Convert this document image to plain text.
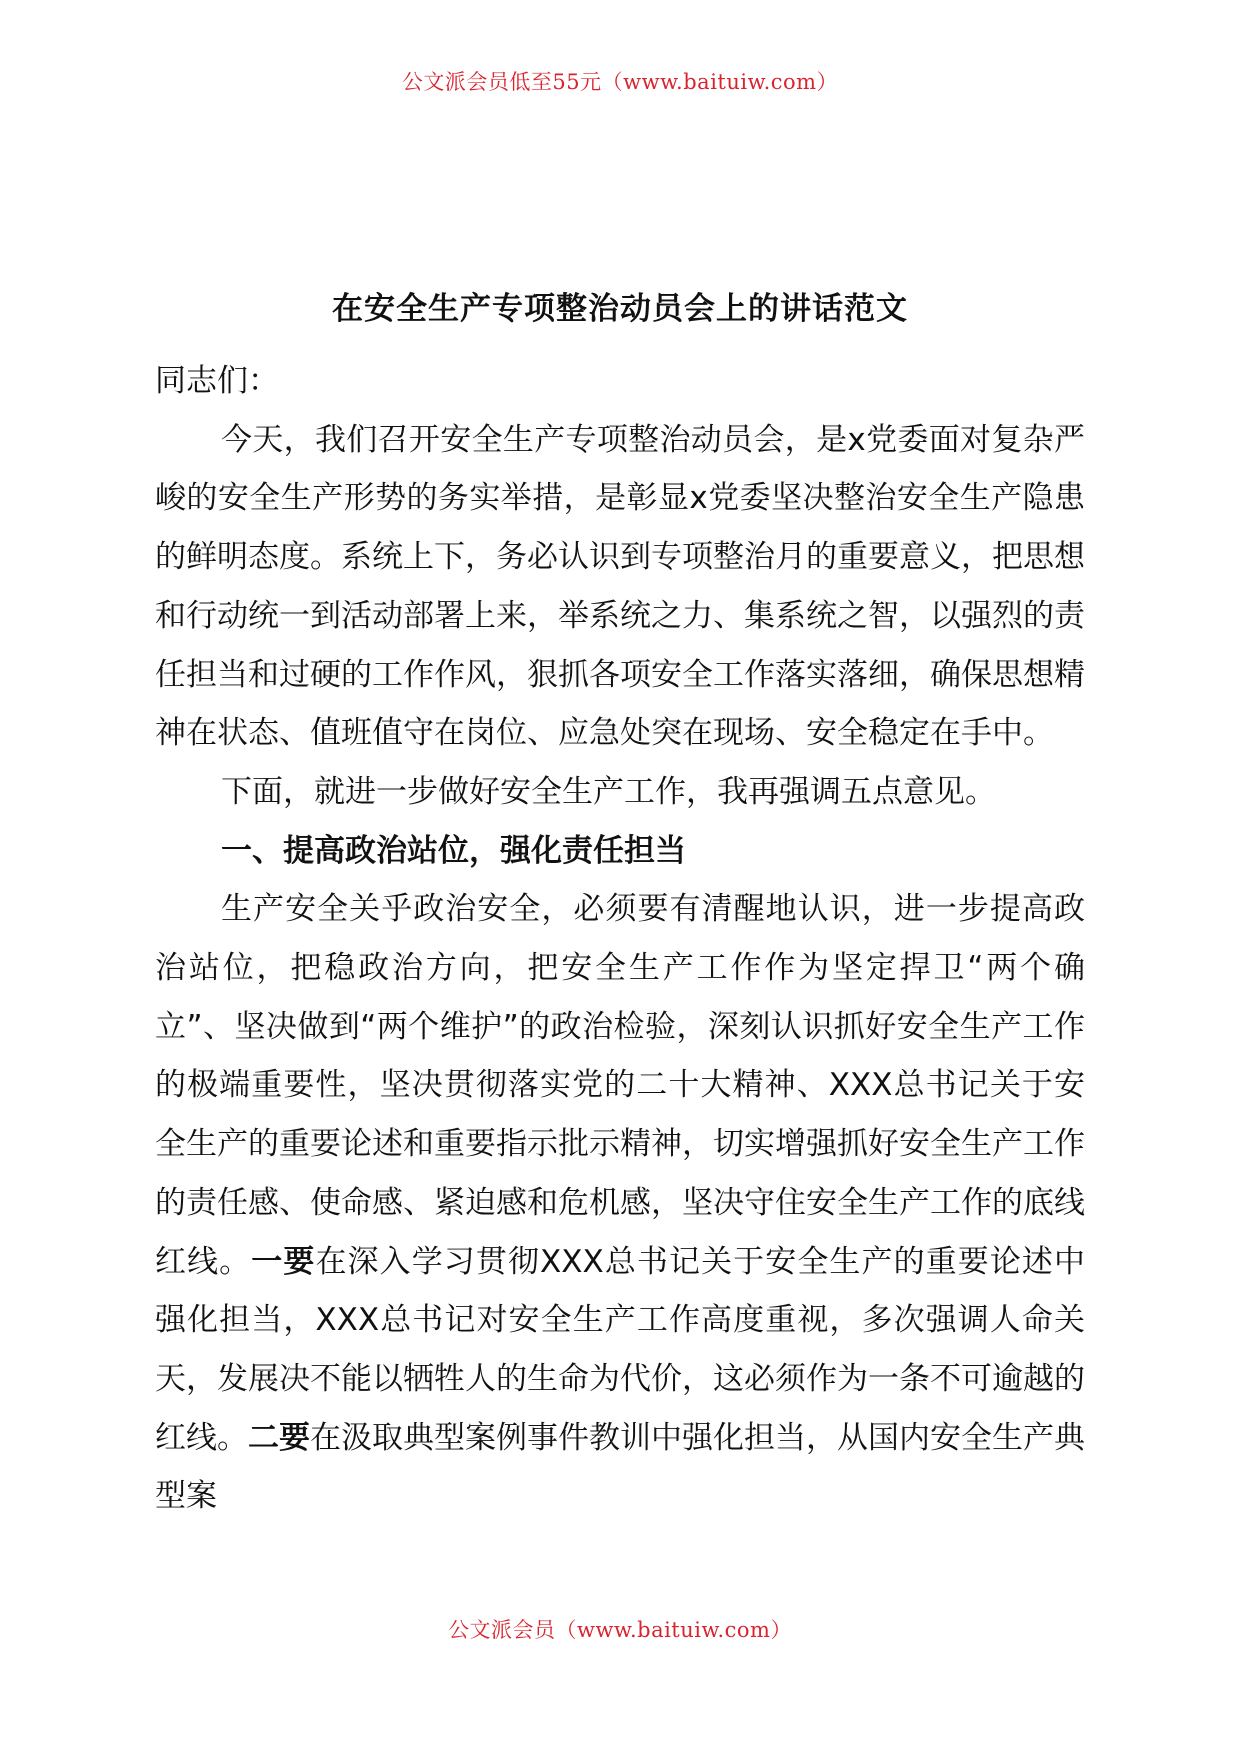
公文派会员低至55元（www.baituiw.com）
在安全生产专项整治动员会上的讲话范文

同志们：

今天，我们召开安全生产专项整治动员会，是x党委面对复杂严峻的安全生产形势的务实举措，是彰显x党委坚决整治安全生产隐患的鲜明态度。系统上下，务必认识到专项整治月的重要意义，把思想和行动统一到活动部署上来，举系统之力、集系统之智，以强烈的责任担当和过硬的工作作风，狠抓各项安全工作落实落细，确保思想精神在状态、值班值守在岗位、应急处突在现场、安全稳定在手中。

下面，就进一步做好安全生产工作，我再强调五点意见。

一、提高政治站位，强化责任担当

生产安全关乎政治安全，必须要有清醒地认识，进一步提高政治站位，把稳政治方向，把安全生产工作作为坚定捍卫“两个确立”、坚决做到“两个维护”的政治检验，深刻认识抓好安全生产工作的极端重要性，坚决贯彻落实党的二十大精神、XXX总书记关于安全生产的重要论述和重要指示批示精神，切实增强抓好安全生产工作的责任感、使命感、紧迫感和危机感，坚决守住安全生产工作的底线红线。一要在深入学习贯彻XXX总书记关于安全生产的重要论述中强化担当，XXX总书记对安全生产工作高度重视，多次强调人命关天，发展决不能以牺牲人的生命为代价，这必须作为一条不可逾越的红线。二要在汲取典型案例事件教训中强化担当，从国内安全生产典型案

公文派会员（www.baituiw.com）
